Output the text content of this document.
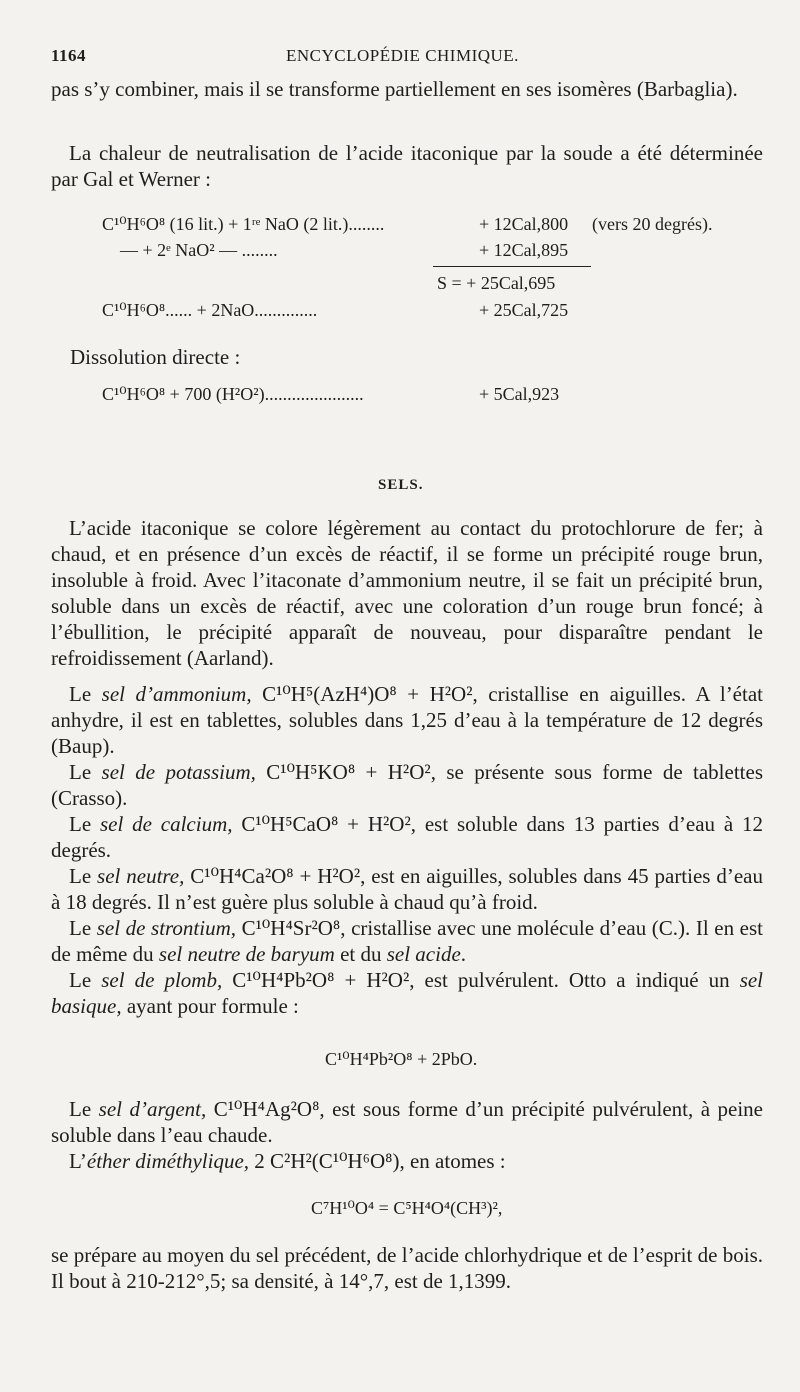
1164	ENCYCLOPÉDIE CHIMIQUE.
pas s’y combiner, mais il se transforme partiellement en ses isomères (Barbaglia).
La chaleur de neutralisation de l’acide itaconique par la soude a été déterminée par Gal et Werner :
C¹⁰H⁶O⁸ (16 lit.) + 1ʳᵉ NaO (2 lit.)........	+ 12Cal,800 (vers 20 degrés).
— + 2ᵉ NaO² — ........	+ 12Cal,895
S = + 25Cal,695
C¹⁰H⁶O⁸...... + 2NaO..............	+ 25Cal,725
Dissolution directe :
C¹⁰H⁶O⁸ + 700 (H²O²)......................	+ 5Cal,923
SELS.
L’acide itaconique se colore légèrement au contact du protochlorure de fer; à chaud, et en présence d’un excès de réactif, il se forme un précipité rouge brun, insoluble à froid. Avec l’itaconate d’ammonium neutre, il se fait un précipité brun, soluble dans un excès de réactif, avec une coloration d’un rouge brun foncé; à l’ébullition, le précipité apparaît de nouveau, pour disparaître pendant le refroidissement (Aarland).
Le sel d’ammonium, C¹⁰H⁵(AzH⁴)O⁸ + H²O², cristallise en aiguilles. A l’état anhydre, il est en tablettes, solubles dans 1,25 d’eau à la température de 12 degrés (Baup).
Le sel de potassium, C¹⁰H⁵KO⁸ + H²O², se présente sous forme de tablettes (Crasso).
Le sel de calcium, C¹⁰H⁵CaO⁸ + H²O², est soluble dans 13 parties d’eau à 12 degrés.
Le sel neutre, C¹⁰H⁴Ca²O⁸ + H²O², est en aiguilles, solubles dans 45 parties d’eau à 18 degrés. Il n’est guère plus soluble à chaud qu’à froid.
Le sel de strontium, C¹⁰H⁴Sr²O⁸, cristallise avec une molécule d’eau (C.). Il en est de même du sel neutre de baryum et du sel acide.
Le sel de plomb, C¹⁰H⁴Pb²O⁸ + H²O², est pulvérulent. Otto a indiqué un sel basique, ayant pour formule :
C¹⁰H⁴Pb²O⁸ + 2PbO.
Le sel d’argent, C¹⁰H⁴Ag²O⁸, est sous forme d’un précipité pulvérulent, à peine soluble dans l’eau chaude.
L’éther diméthylique, 2 C²H²(C¹⁰H⁶O⁸), en atomes :
C⁷H¹⁰O⁴ = C⁵H⁴O⁴(CH³)²,
se prépare au moyen du sel précédent, de l’acide chlorhydrique et de l’esprit de bois. Il bout à 210-212°,5; sa densité, à 14°,7, est de 1,1399.
